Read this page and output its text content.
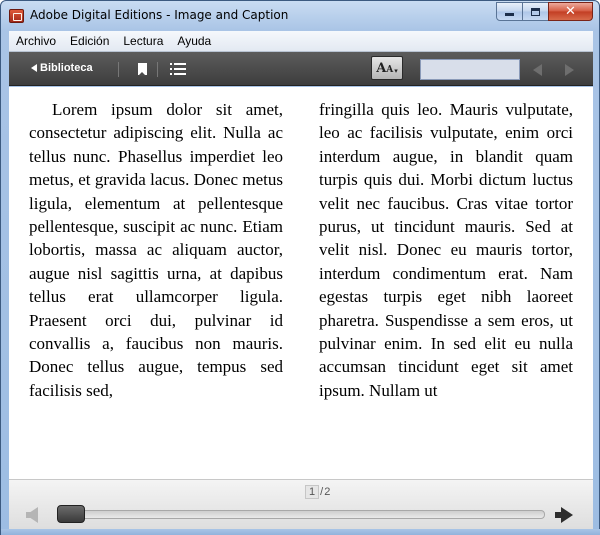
Adobe Digital Editions - Image and Caption	✕
Archivo	Edición	Lectura	Ayuda
Biblioteca	A A ▾
Lorem ipsum dolor sit amet, consectetur adipiscing elit. Nulla ac tellus nunc. Phasellus imperdiet leo metus, et gravida lacus. Donec metus ligula, elementum at pellentesque pellentesque, suscipit ac nunc. Etiam lobortis, massa ac aliquam auctor, augue nisl sagittis urna, at dapibus tellus erat ullamcorper ligula. Praesent orci dui, pulvinar id convallis a, faucibus non mauris. Donec tellus augue, tempus sed facilisis sed,
fringilla quis leo. Mauris vulputate, leo ac facilisis vulputate, enim orci interdum augue, in blandit quam turpis quis dui. Morbi dictum luctus velit nec faucibus. Cras vitae tortor purus, ut tincidunt mauris. Sed at velit nisl. Donec eu mauris tortor, interdum condimentum erat. Nam egestas turpis eget nibh laoreet pharetra. Suspendisse a sem eros, ut pulvinar enim. In sed elit eu nulla accumsan tincidunt eget sit amet ipsum. Nullam ut
1 / 2
